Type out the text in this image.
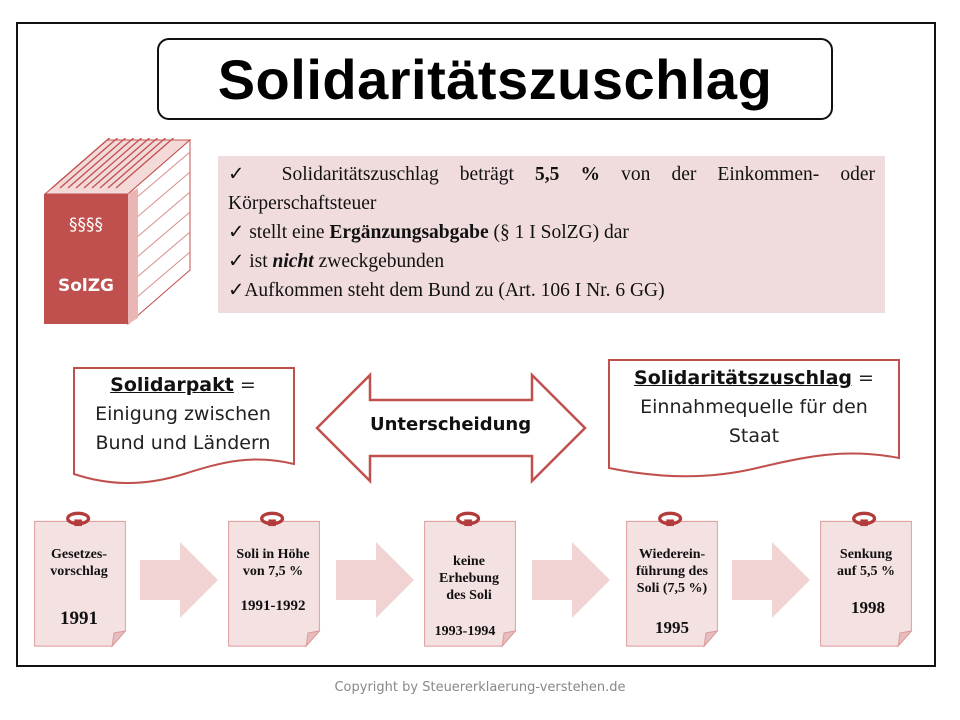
Solidaritätszuschlag
§§§§
SolZG
✓ Solidaritätszuschlag beträgt 5,5 % von der Einkommen- oder
Körperschaftsteuer
✓ stellt eine Ergänzungsabgabe (§ 1 I SolZG) dar
✓ ist nicht zweckgebunden
✓Aufkommen steht dem Bund zu (Art. 106 I Nr. 6 GG)
Solidarpakt =
Einigung zwischen
Bund und Ländern
Solidaritätszuschlag =
Einnahmequelle für den
Staat
Unterscheidung
Gesetzes-
vorschlag
1991
Soli in Höhe
von 7,5 %
1991-1992
keine
Erhebung
des Soli
1993-1994
Wiederein-
führung des
Soli (7,5 %)
1995
Senkung
auf 5,5 %
1998
Copyright by Steuererklaerung-verstehen.de
